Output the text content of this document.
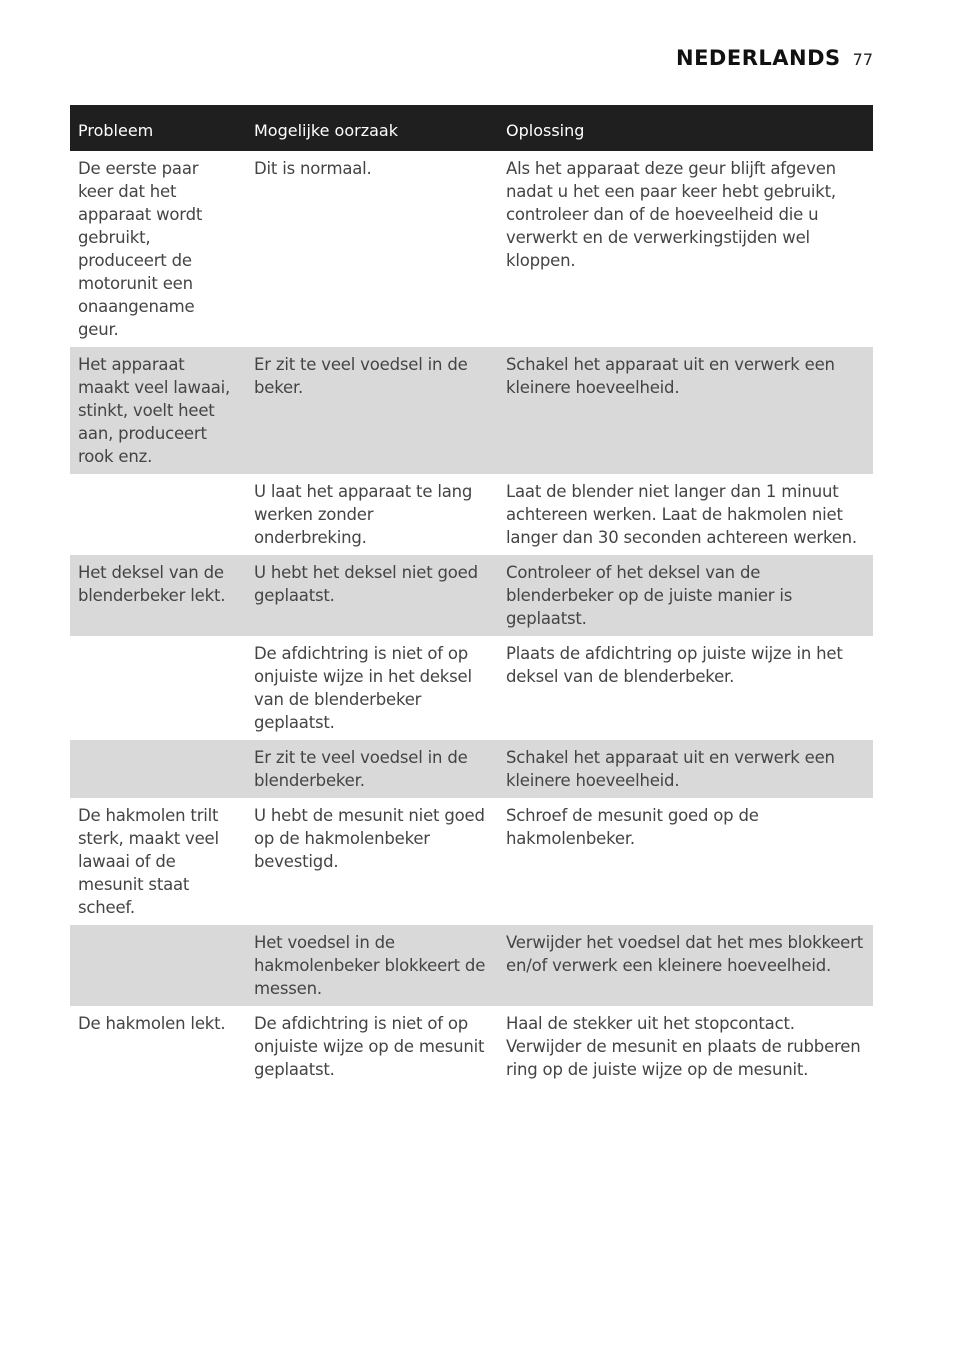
NEDERLANDS 77
Probleem	Mogelijke oorzaak	Oplossing
De eerste paar keer dat het apparaat wordt gebruikt, produceert de motorunit een onaangename geur.	Dit is normaal.	Als het apparaat deze geur blijft afgeven nadat u het een paar keer hebt gebruikt, controleer dan of de hoeveelheid die u verwerkt en de verwerkingstijden wel kloppen.
Het apparaat maakt veel lawaai, stinkt, voelt heet aan, produceert rook enz.	Er zit te veel voedsel in de beker.	Schakel het apparaat uit en verwerk een kleinere hoeveelheid.
	U laat het apparaat te lang werken zonder onderbreking.	Laat de blender niet langer dan 1 minuut achtereen werken. Laat de hakmolen niet langer dan 30 seconden achtereen werken.
Het deksel van de blenderbeker lekt.	U hebt het deksel niet goed geplaatst.	Controleer of het deksel van de blenderbeker op de juiste manier is geplaatst.
	De afdichtring is niet of op onjuiste wijze in het deksel van de blenderbeker geplaatst.	Plaats de afdichtring op juiste wijze in het deksel van de blenderbeker.
	Er zit te veel voedsel in de blenderbeker.	Schakel het apparaat uit en verwerk een kleinere hoeveelheid.
De hakmolen trilt sterk, maakt veel lawaai of de mesunit staat scheef.	U hebt de mesunit niet goed op de hakmolenbeker bevestigd.	Schroef de mesunit goed op de hakmolenbeker.
	Het voedsel in de hakmolenbeker blokkeert de messen.	Verwijder het voedsel dat het mes blokkeert en/of verwerk een kleinere hoeveelheid.
De hakmolen lekt.	De afdichtring is niet of op onjuiste wijze op de mesunit geplaatst.	Haal de stekker uit het stopcontact. Verwijder de mesunit en plaats de rubberen ring op de juiste wijze op de mesunit.
